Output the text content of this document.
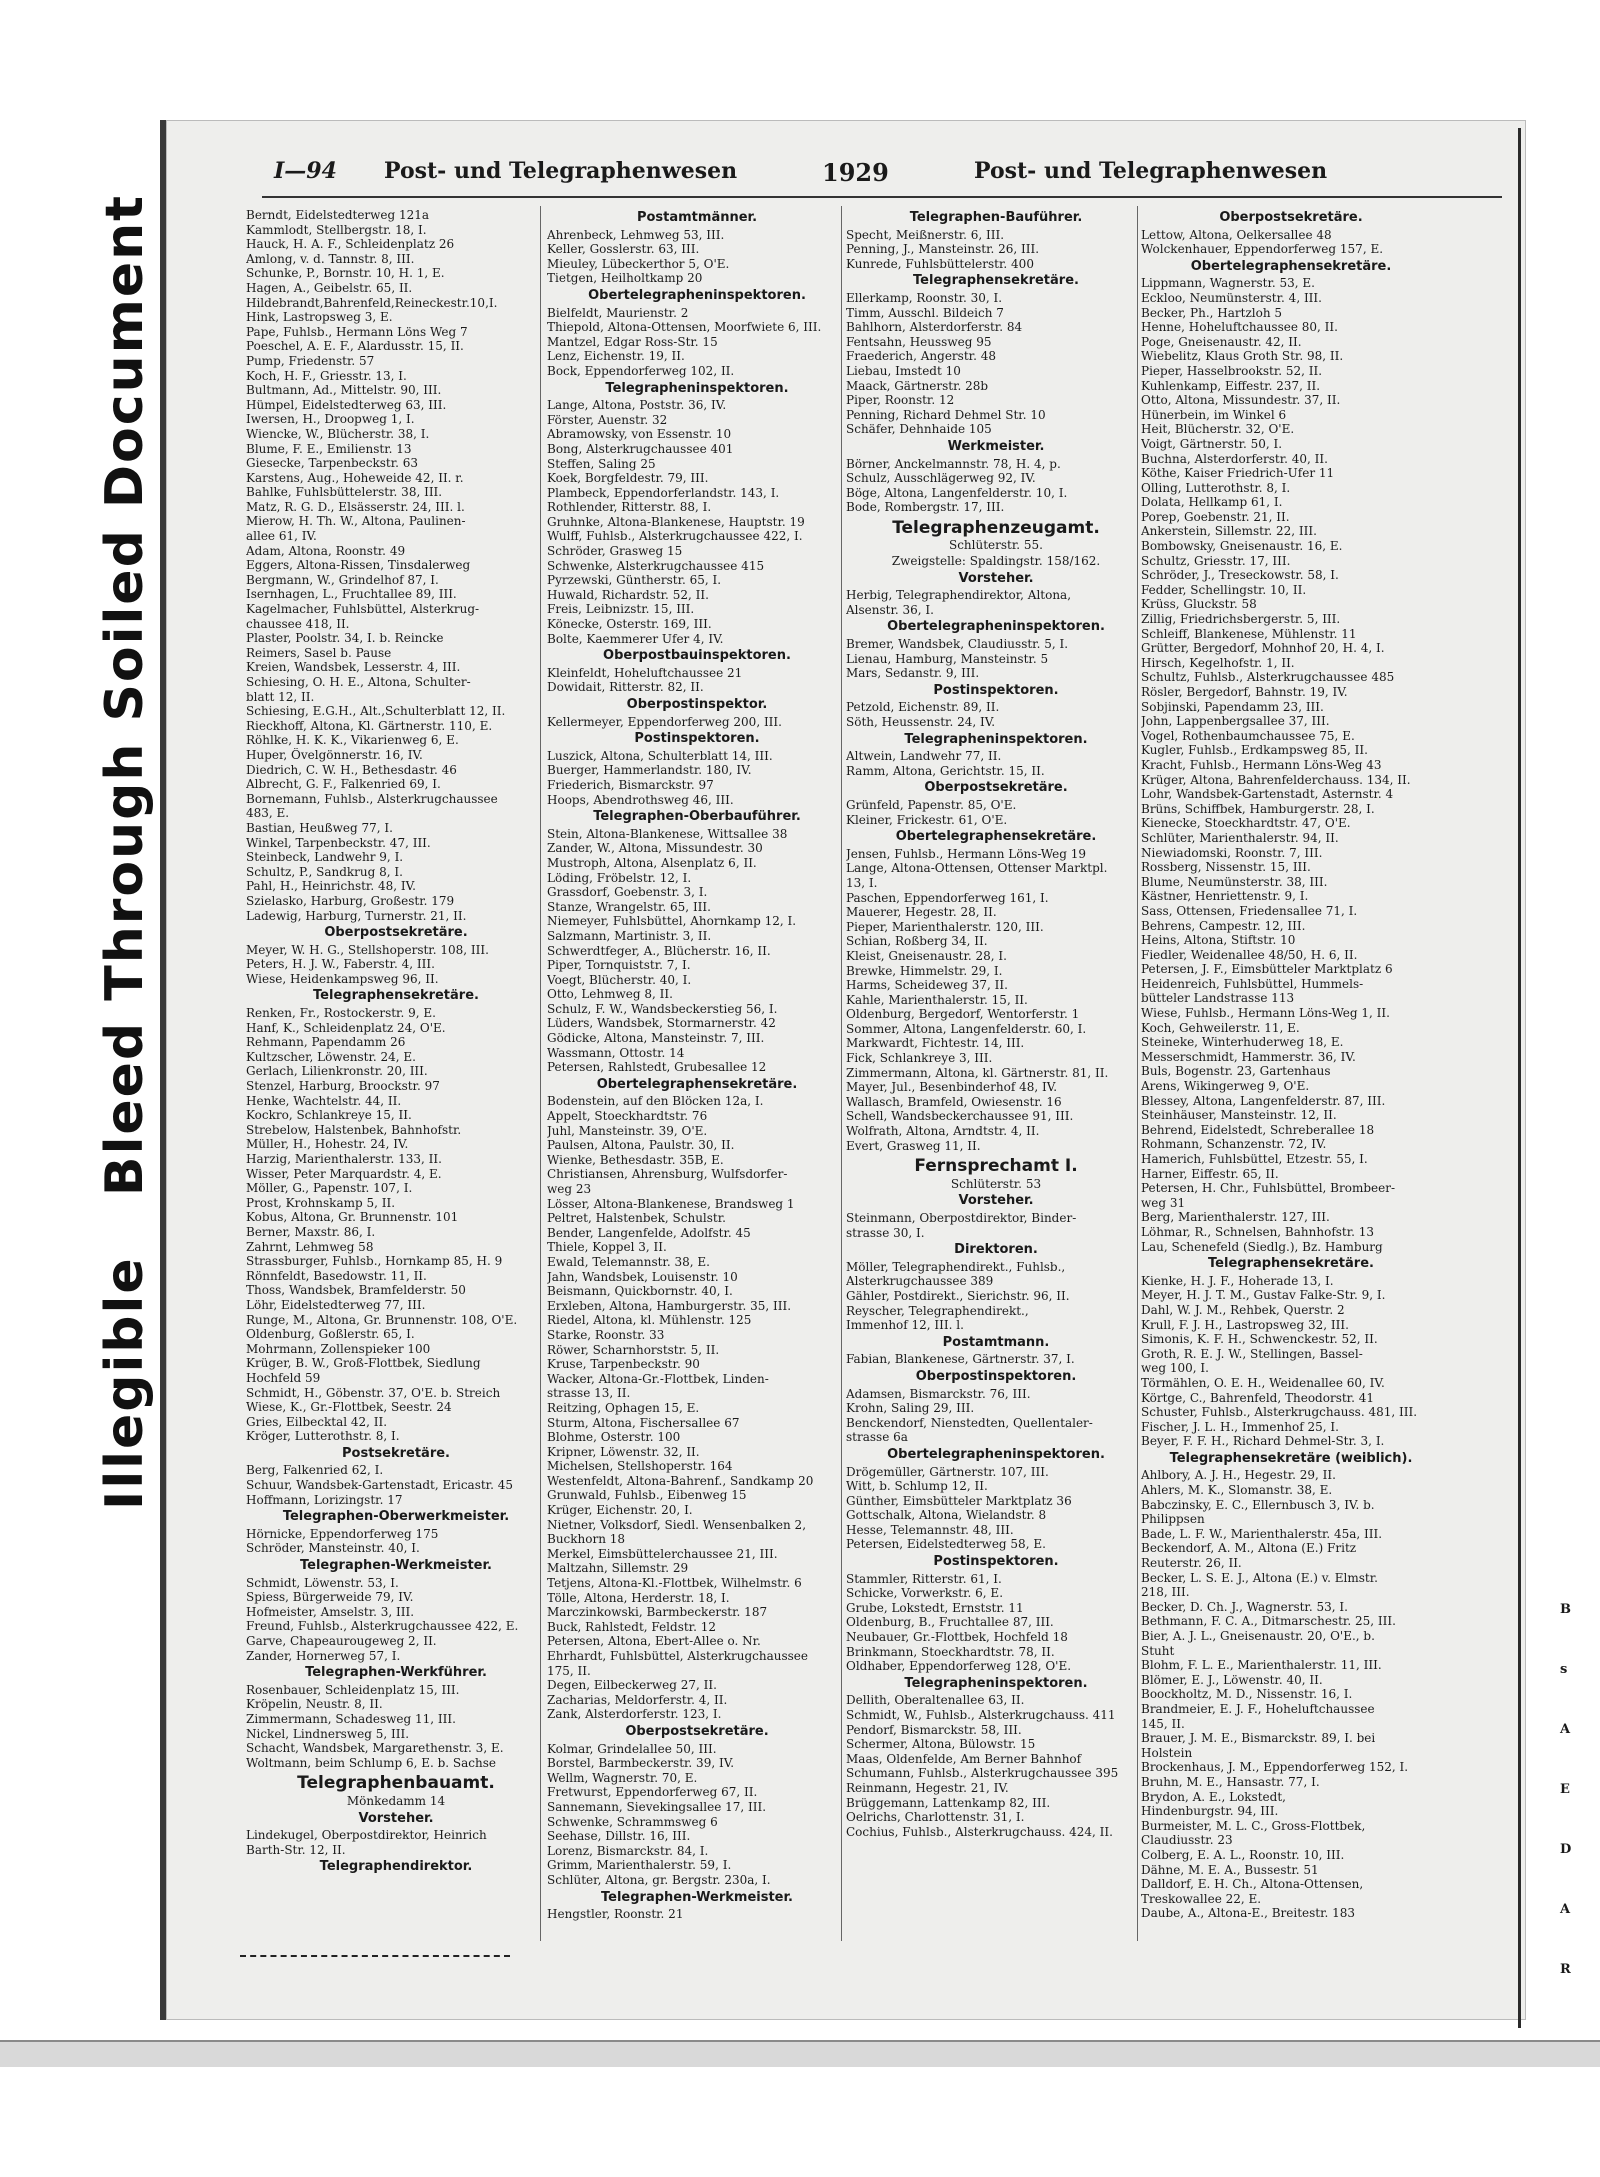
Illegible   Bleed Through Soiled Document
B
s
A
E
D
A
R
I—94 Post- und Telegraphenwesen	1929	Post- und Telegraphenwesen
Berndt, Eidelstedterweg 121a
Kammlodt, Stellbergstr. 18, I.
Hauck, H. A. F., Schleidenplatz 26
Amlong, v. d. Tannstr. 8, III.
Schunke, P., Bornstr. 10, H. 1, E.
Hagen, A., Geibelstr. 65, II.
Hildebrandt,Bahrenfeld,Reineckestr.10,I.
Hink, Lastropsweg 3, E.
Pape, Fuhlsb., Hermann Löns Weg 7
Poeschel, A. E. F., Alardusstr. 15, II.
Pump, Friedenstr. 57
Koch, H. F., Griesstr. 13, I.
Bultmann, Ad., Mittelstr. 90, III.
Hümpel, Eidelstedterweg 63, III.
Iwersen, H., Droopweg 1, I.
Wiencke, W., Blücherstr. 38, I.
Blume, F. E., Emilienstr. 13
Giesecke, Tarpenbeckstr. 63
Karstens, Aug., Hoheweide 42, II. r.
Bahlke, Fuhlsbüttelerstr. 38, III.
Matz, R. G. D., Elsässerstr. 24, III. l.
Mierow, H. Th. W., Altona, Paulinen-
allee 61, IV.
Adam, Altona, Roonstr. 49
Eggers, Altona-Rissen, Tinsdalerweg
Bergmann, W., Grindelhof 87, I.
Isernhagen, L., Fruchtallee 89, III.
Kagelmacher, Fuhlsbüttel, Alsterkrug-
chaussee 418, II.
Plaster, Poolstr. 34, I. b. Reincke
Reimers, Sasel b. Pause
Kreien, Wandsbek, Lesserstr. 4, III.
Schiesing, O. H. E., Altona, Schulter-
blatt 12, II.
Schiesing, E.G.H., Alt.,Schulterblatt 12, II.
Rieckhoff, Altona, Kl. Gärtnerstr. 110, E.
Röhlke, H. K. K., Vikarienweg 6, E.
Huper, Övelgönnerstr. 16, IV.
Diedrich, C. W. H., Bethesdastr. 46
Albrecht, G. F., Falkenried 69, I.
Bornemann, Fuhlsb., Alsterkrugchaussee
483, E.
Bastian, Heußweg 77, I.
Winkel, Tarpenbeckstr. 47, III.
Steinbeck, Landwehr 9, I.
Schultz, P., Sandkrug 8, I.
Pahl, H., Heinrichstr. 48, IV.
Szielasko, Harburg, Großestr. 179
Ladewig, Harburg, Turnerstr. 21, II.
Oberpostsekretäre.
Meyer, W. H. G., Stellshoperstr. 108, III.
Peters, H. J. W., Faberstr. 4, III.
Wiese, Heidenkampsweg 96, II.
Telegraphensekretäre.
Renken, Fr., Rostockerstr. 9, E.
Hanf, K., Schleidenplatz 24, O'E.
Rehmann, Papendamm 26
Kultzscher, Löwenstr. 24, E.
Gerlach, Lilienkronstr. 20, III.
Stenzel, Harburg, Broockstr. 97
Henke, Wachtelstr. 44, II.
Kockro, Schlankreye 15, II.
Strebelow, Halstenbek, Bahnhofstr.
Müller, H., Hohestr. 24, IV.
Harzig, Marienthalerstr. 133, II.
Wisser, Peter Marquardstr. 4, E.
Möller, G., Papenstr. 107, I.
Prost, Krohnskamp 5, II.
Kobus, Altona, Gr. Brunnenstr. 101
Berner, Maxstr. 86, I.
Zahrnt, Lehmweg 58
Strassburger, Fuhlsb., Hornkamp 85, H. 9
Rönnfeldt, Basedowstr. 11, II.
Thoss, Wandsbek, Bramfelderstr. 50
Löhr, Eidelstedterweg 77, III.
Runge, M., Altona, Gr. Brunnenstr. 108, O'E.
Oldenburg, Goßlerstr. 65, I.
Mohrmann, Zollenspieker 100
Krüger, B. W., Groß-Flottbek, Siedlung
Hochfeld 59
Schmidt, H., Göbenstr. 37, O'E. b. Streich
Wiese, K., Gr.-Flottbek, Seestr. 24
Gries, Eilbecktal 42, II.
Kröger, Lutterothstr. 8, I.
Postsekretäre.
Berg, Falkenried 62, I.
Schuur, Wandsbek-Gartenstadt, Ericastr. 45
Hoffmann, Lorizingstr. 17
Telegraphen-Oberwerkmeister.
Hörnicke, Eppendorferweg 175
Schröder, Mansteinstr. 40, I.
Telegraphen-Werkmeister.
Schmidt, Löwenstr. 53, I.
Spiess, Bürgerweide 79, IV.
Hofmeister, Amselstr. 3, III.
Freund, Fuhlsb., Alsterkrugchaussee 422, E.
Garve, Chapeaurougeweg 2, II.
Zander, Hornerweg 57, I.
Telegraphen-Werkführer.
Rosenbauer, Schleidenplatz 15, III.
Kröpelin, Neustr. 8, II.
Zimmermann, Schadesweg 11, III.
Nickel, Lindnersweg 5, III.
Schacht, Wandsbek, Margarethenstr. 3, E.
Woltmann, beim Schlump 6, E. b. Sachse
Telegraphenbauamt.
Mönkedamm 14
Vorsteher.
Lindekugel, Oberpostdirektor, Heinrich
Barth-Str. 12, II.
Telegraphendirektor.
Postamtmänner.
Ahrenbeck, Lehmweg 53, III.
Keller, Gosslerstr. 63, III.
Mieuley, Lübeckerthor 5, O'E.
Tietgen, Heilholtkamp 20
Obertelegrapheninspektoren.
Bielfeldt, Maurienstr. 2
Thiepold, Altona-Ottensen, Moorfwiete 6, III.
Mantzel, Edgar Ross-Str. 15
Lenz, Eichenstr. 19, II.
Bock, Eppendorferweg 102, II.
Telegrapheninspektoren.
Lange, Altona, Poststr. 36, IV.
Förster, Auenstr. 32
Abramowsky, von Essenstr. 10
Bong, Alsterkrugchaussee 401
Steffen, Saling 25
Koek, Borgfeldestr. 79, III.
Plambeck, Eppendorferlandstr. 143, I.
Rothlender, Ritterstr. 88, I.
Gruhnke, Altona-Blankenese, Hauptstr. 19
Wulff, Fuhlsb., Alsterkrugchaussee 422, I.
Schröder, Grasweg 15
Schwenke, Alsterkrugchaussee 415
Pyrzewski, Güntherstr. 65, I.
Huwald, Richardstr. 52, II.
Freis, Leibnizstr. 15, III.
Könecke, Osterstr. 169, III.
Bolte, Kaemmerer Ufer 4, IV.
Oberpostbauinspektoren.
Kleinfeldt, Hoheluftchaussee 21
Dowidait, Ritterstr. 82, II.
Oberpostinspektor.
Kellermeyer, Eppendorferweg 200, III.
Postinspektoren.
Luszick, Altona, Schulterblatt 14, III.
Buerger, Hammerlandstr. 180, IV.
Friederich, Bismarckstr. 97
Hoops, Abendrothsweg 46, III.
Telegraphen-Oberbauführer.
Stein, Altona-Blankenese, Wittsallee 38
Zander, W., Altona, Missundestr. 30
Mustroph, Altona, Alsenplatz 6, II.
Löding, Fröbelstr. 12, I.
Grassdorf, Goebenstr. 3, I.
Stanze, Wrangelstr. 65, III.
Niemeyer, Fuhlsbüttel, Ahornkamp 12, I.
Salzmann, Martinistr. 3, II.
Schwerdtfeger, A., Blücherstr. 16, II.
Piper, Tornquiststr. 7, I.
Voegt, Blücherstr. 40, I.
Otto, Lehmweg 8, II.
Schulz, F. W., Wandsbeckerstieg 56, I.
Lüders, Wandsbek, Stormarnerstr. 42
Gödicke, Altona, Mansteinstr. 7, III.
Wassmann, Ottostr. 14
Petersen, Rahlstedt, Grubesallee 12
Obertelegraphensekretäre.
Bodenstein, auf den Blöcken 12a, I.
Appelt, Stoeckhardtstr. 76
Juhl, Mansteinstr. 39, O'E.
Paulsen, Altona, Paulstr. 30, II.
Wienke, Bethesdastr. 35B, E.
Christiansen, Ahrensburg, Wulfsdorfer-
weg 23
Lösser, Altona-Blankenese, Brandsweg 1
Peltret, Halstenbek, Schulstr.
Bender, Langenfelde, Adolfstr. 45
Thiele, Koppel 3, II.
Ewald, Telemannstr. 38, E.
Jahn, Wandsbek, Louisenstr. 10
Beismann, Quickbornstr. 40, I.
Erxleben, Altona, Hamburgerstr. 35, III.
Riedel, Altona, kl. Mühlenstr. 125
Starke, Roonstr. 33
Röwer, Scharnhorststr. 5, II.
Kruse, Tarpenbeckstr. 90
Wacker, Altona-Gr.-Flottbek, Linden-
strasse 13, II.
Reitzing, Ophagen 15, E.
Sturm, Altona, Fischersallee 67
Blohme, Osterstr. 100
Kripner, Löwenstr. 32, II.
Michelsen, Stellshoperstr. 164
Westenfeldt, Altona-Bahrenf., Sandkamp 20
Grunwald, Fuhlsb., Eibenweg 15
Krüger, Eichenstr. 20, I.
Nietner, Volksdorf, Siedl. Wensenbalken 2,
Buckhorn 18
Merkel, Eimsbüttelerchaussee 21, III.
Maltzahn, Sillemstr. 29
Tetjens, Altona-Kl.-Flottbek, Wilhelmstr. 6
Tölle, Altona, Herderstr. 18, I.
Marczinkowski, Barmbeckerstr. 187
Buck, Rahlstedt, Feldstr. 12
Petersen, Altona, Ebert-Allee o. Nr.
Ehrhardt, Fuhlsbüttel, Alsterkrugchaussee
175, II.
Degen, Eilbeckerweg 27, II.
Zacharias, Meldorferstr. 4, II.
Zank, Alsterdorferstr. 123, I.
Oberpostsekretäre.
Kolmar, Grindelallee 50, III.
Borstel, Barmbeckerstr. 39, IV.
Wellm, Wagnerstr. 70, E.
Fretwurst, Eppendorferweg 67, II.
Sannemann, Sievekingsallee 17, III.
Schwenke, Schrammsweg 6
Seehase, Dillstr. 16, III.
Lorenz, Bismarckstr. 84, I.
Grimm, Marienthalerstr. 59, I.
Schlüter, Altona, gr. Bergstr. 230a, I.
Telegraphen-Werkmeister.
Hengstler, Roonstr. 21
Telegraphen-Bauführer.
Specht, Meißnerstr. 6, III.
Penning, J., Mansteinstr. 26, III.
Kunrede, Fuhlsbüttelerstr. 400
Telegraphensekretäre.
Ellerkamp, Roonstr. 30, I.
Timm, Ausschl. Bildeich 7
Bahlhorn, Alsterdorferstr. 84
Fentsahn, Heussweg 95
Fraederich, Angerstr. 48
Liebau, Imstedt 10
Maack, Gärtnerstr. 28b
Piper, Roonstr. 12
Penning, Richard Dehmel Str. 10
Schäfer, Dehnhaide 105
Werkmeister.
Börner, Anckelmannstr. 78, H. 4, p.
Schulz, Ausschlägerweg 92, IV.
Böge, Altona, Langenfelderstr. 10, I.
Bode, Rombergstr. 17, III.
Telegraphenzeugamt.
Schlüterstr. 55.
Zweigstelle: Spaldingstr. 158/162.
Vorsteher.
Herbig, Telegraphendirektor, Altona,
Alsenstr. 36, I.
Obertelegrapheninspektoren.
Bremer, Wandsbek, Claudiusstr. 5, I.
Lienau, Hamburg, Mansteinstr. 5
Mars, Sedanstr. 9, III.
Postinspektoren.
Petzold, Eichenstr. 89, II.
Söth, Heussenstr. 24, IV.
Telegrapheninspektoren.
Altwein, Landwehr 77, II.
Ramm, Altona, Gerichtstr. 15, II.
Oberpostsekretäre.
Grünfeld, Papenstr. 85, O'E.
Kleiner, Frickestr. 61, O'E.
Obertelegraphensekretäre.
Jensen, Fuhlsb., Hermann Löns-Weg 19
Lange, Altona-Ottensen, Ottenser Marktpl.
13, I.
Paschen, Eppendorferweg 161, I.
Mauerer, Hegestr. 28, II.
Pieper, Marienthalerstr. 120, III.
Schian, Roßberg 34, II.
Kleist, Gneisenaustr. 28, I.
Brewke, Himmelstr. 29, I.
Harms, Scheideweg 37, II.
Kahle, Marienthalerstr. 15, II.
Oldenburg, Bergedorf, Wentorferstr. 1
Sommer, Altona, Langenfelderstr. 60, I.
Markwardt, Fichtestr. 14, III.
Fick, Schlankreye 3, III.
Zimmermann, Altona, kl. Gärtnerstr. 81, II.
Mayer, Jul., Besenbinderhof 48, IV.
Wallasch, Bramfeld, Owiesenstr. 16
Schell, Wandsbeckerchaussee 91, III.
Wolfrath, Altona, Arndtstr. 4, II.
Evert, Grasweg 11, II.
Fernsprechamt I.
Schlüterstr. 53
Vorsteher.
Steinmann, Oberpostdirektor, Binder-
strasse 30, I.
Direktoren.
Möller, Telegraphendirekt., Fuhlsb.,
Alsterkrugchaussee 389
Gähler, Postdirekt., Sierichstr. 96, II.
Reyscher, Telegraphendirekt.,
Immenhof 12, III. l.
Postamtmann.
Fabian, Blankenese, Gärtnerstr. 37, I.
Oberpostinspektoren.
Adamsen, Bismarckstr. 76, III.
Krohn, Saling 29, III.
Benckendorf, Nienstedten, Quellentaler-
strasse 6a
Obertelegrapheninspektoren.
Drögemüller, Gärtnerstr. 107, III.
Witt, b. Schlump 12, II.
Günther, Eimsbütteler Marktplatz 36
Gottschalk, Altona, Wielandstr. 8
Hesse, Telemannstr. 48, III.
Petersen, Eidelstedterweg 58, E.
Postinspektoren.
Stammler, Ritterstr. 61, I.
Schicke, Vorwerkstr. 6, E.
Grube, Lokstedt, Ernststr. 11
Oldenburg, B., Fruchtallee 87, III.
Neubauer, Gr.-Flottbek, Hochfeld 18
Brinkmann, Stoeckhardtstr. 78, II.
Oldhaber, Eppendorferweg 128, O'E.
Telegrapheninspektoren.
Dellith, Oberaltenallee 63, II.
Schmidt, W., Fuhlsb., Alsterkrugchauss. 411
Pendorf, Bismarckstr. 58, III.
Schermer, Altona, Bülowstr. 15
Maas, Oldenfelde, Am Berner Bahnhof
Schumann, Fuhlsb., Alsterkrugchaussee 395
Reinmann, Hegestr. 21, IV.
Brüggemann, Lattenkamp 82, III.
Oelrichs, Charlottenstr. 31, I.
Cochius, Fuhlsb., Alsterkrugchauss. 424, II.
Oberpostsekretäre.
Lettow, Altona, Oelkersallee 48
Wolckenhauer, Eppendorferweg 157, E.
Obertelegraphensekretäre.
Lippmann, Wagnerstr. 53, E.
Eckloo, Neumünsterstr. 4, III.
Becker, Ph., Hartzloh 5
Henne, Hoheluftchaussee 80, II.
Poge, Gneisenaustr. 42, II.
Wiebelitz, Klaus Groth Str. 98, II.
Pieper, Hasselbrookstr. 52, II.
Kuhlenkamp, Eiffestr. 237, II.
Otto, Altona, Missundestr. 37, II.
Hünerbein, im Winkel 6
Heit, Blücherstr. 32, O'E.
Voigt, Gärtnerstr. 50, I.
Buchna, Alsterdorferstr. 40, II.
Köthe, Kaiser Friedrich-Ufer 11
Olling, Lutterothstr. 8, I.
Dolata, Hellkamp 61, I.
Porep, Goebenstr. 21, II.
Ankerstein, Sillemstr. 22, III.
Bombowsky, Gneisenaustr. 16, E.
Schultz, Griesstr. 17, III.
Schröder, J., Treseckowstr. 58, I.
Fedder, Schellingstr. 10, II.
Krüss, Gluckstr. 58
Zillig, Friedrichsbergerstr. 5, III.
Schleiff, Blankenese, Mühlenstr. 11
Grütter, Bergedorf, Mohnhof 20, H. 4, I.
Hirsch, Kegelhofstr. 1, II.
Schultz, Fuhlsb., Alsterkrugchaussee 485
Rösler, Bergedorf, Bahnstr. 19, IV.
Sobjinski, Papendamm 23, III.
John, Lappenbergsallee 37, III.
Vogel, Rothenbaumchaussee 75, E.
Kugler, Fuhlsb., Erdkampsweg 85, II.
Kracht, Fuhlsb., Hermann Löns-Weg 43
Krüger, Altona, Bahrenfelderchauss. 134, II.
Lohr, Wandsbek-Gartenstadt, Asternstr. 4
Brüns, Schiffbek, Hamburgerstr. 28, I.
Kienecke, Stoeckhardtstr. 47, O'E.
Schlüter, Marienthalerstr. 94, II.
Niewiadomski, Roonstr. 7, III.
Rossberg, Nissenstr. 15, III.
Blume, Neumünsterstr. 38, III.
Kästner, Henriettenstr. 9, I.
Sass, Ottensen, Friedensallee 71, I.
Behrens, Campestr. 12, III.
Heins, Altona, Stiftstr. 10
Fiedler, Weidenallee 48/50, H. 6, II.
Petersen, J. F., Eimsbütteler Marktplatz 6
Heidenreich, Fuhlsbüttel, Hummels-
bütteler Landstrasse 113
Wiese, Fuhlsb., Hermann Löns-Weg 1, II.
Koch, Gehweilerstr. 11, E.
Steineke, Winterhuderweg 18, E.
Messerschmidt, Hammerstr. 36, IV.
Buls, Bogenstr. 23, Gartenhaus
Arens, Wikingerweg 9, O'E.
Blessey, Altona, Langenfelderstr. 87, III.
Steinhäuser, Mansteinstr. 12, II.
Behrend, Eidelstedt, Schreberallee 18
Rohmann, Schanzenstr. 72, IV.
Hamerich, Fuhlsbüttel, Etzestr. 55, I.
Harner, Eiffestr. 65, II.
Petersen, H. Chr., Fuhlsbüttel, Brombeer-
weg 31
Berg, Marienthalerstr. 127, III.
Löhmar, R., Schnelsen, Bahnhofstr. 13
Lau, Schenefeld (Siedlg.), Bz. Hamburg
Telegraphensekretäre.
Kienke, H. J. F., Hoherade 13, I.
Meyer, H. J. T. M., Gustav Falke-Str. 9, I.
Dahl, W. J. M., Rehbek, Querstr. 2
Krull, F. J. H., Lastropsweg 32, III.
Simonis, K. F. H., Schwenckestr. 52, II.
Groth, R. E. J. W., Stellingen, Bassel-
weg 100, I.
Törmählen, O. E. H., Weidenallee 60, IV.
Körtge, C., Bahrenfeld, Theodorstr. 41
Schuster, Fuhlsb., Alsterkrugchauss. 481, III.
Fischer, J. L. H., Immenhof 25, I.
Beyer, F. F. H., Richard Dehmel-Str. 3, I.
Telegraphensekretäre (weiblich).
Ahlbory, A. J. H., Hegestr. 29, II.
Ahlers, M. K., Slomanstr. 38, E.
Babczinsky, E. C., Ellernbusch 3, IV. b.
Philippsen
Bade, L. F. W., Marienthalerstr. 45a, III.
Beckendorf, A. M., Altona (E.) Fritz
Reuterstr. 26, II.
Becker, L. S. E. J., Altona (E.) v. Elmstr.
218, III.
Becker, D. Ch. J., Wagnerstr. 53, I.
Bethmann, F. C. A., Ditmarschestr. 25, III.
Bier, A. J. L., Gneisenaustr. 20, O'E., b.
Stuht
Blohm, F. L. E., Marienthalerstr. 11, III.
Blömer, E. J., Löwenstr. 40, II.
Boockholtz, M. D., Nissenstr. 16, I.
Brandmeier, E. J. F., Hoheluftchaussee
145, II.
Brauer, J. M. E., Bismarckstr. 89, I. bei
Holstein
Brockenhaus, J. M., Eppendorferweg 152, I.
Bruhn, M. E., Hansastr. 77, I.
Brydon, A. E., Lokstedt,
Hindenburgstr. 94, III.
Burmeister, M. L. C., Gross-Flottbek,
Claudiusstr. 23
Colberg, E. A. L., Roonstr. 10, III.
Dähne, M. E. A., Bussestr. 51
Dalldorf, E. H. Ch., Altona-Ottensen,
Treskowallee 22, E.
Daube, A., Altona-E., Breitestr. 183
